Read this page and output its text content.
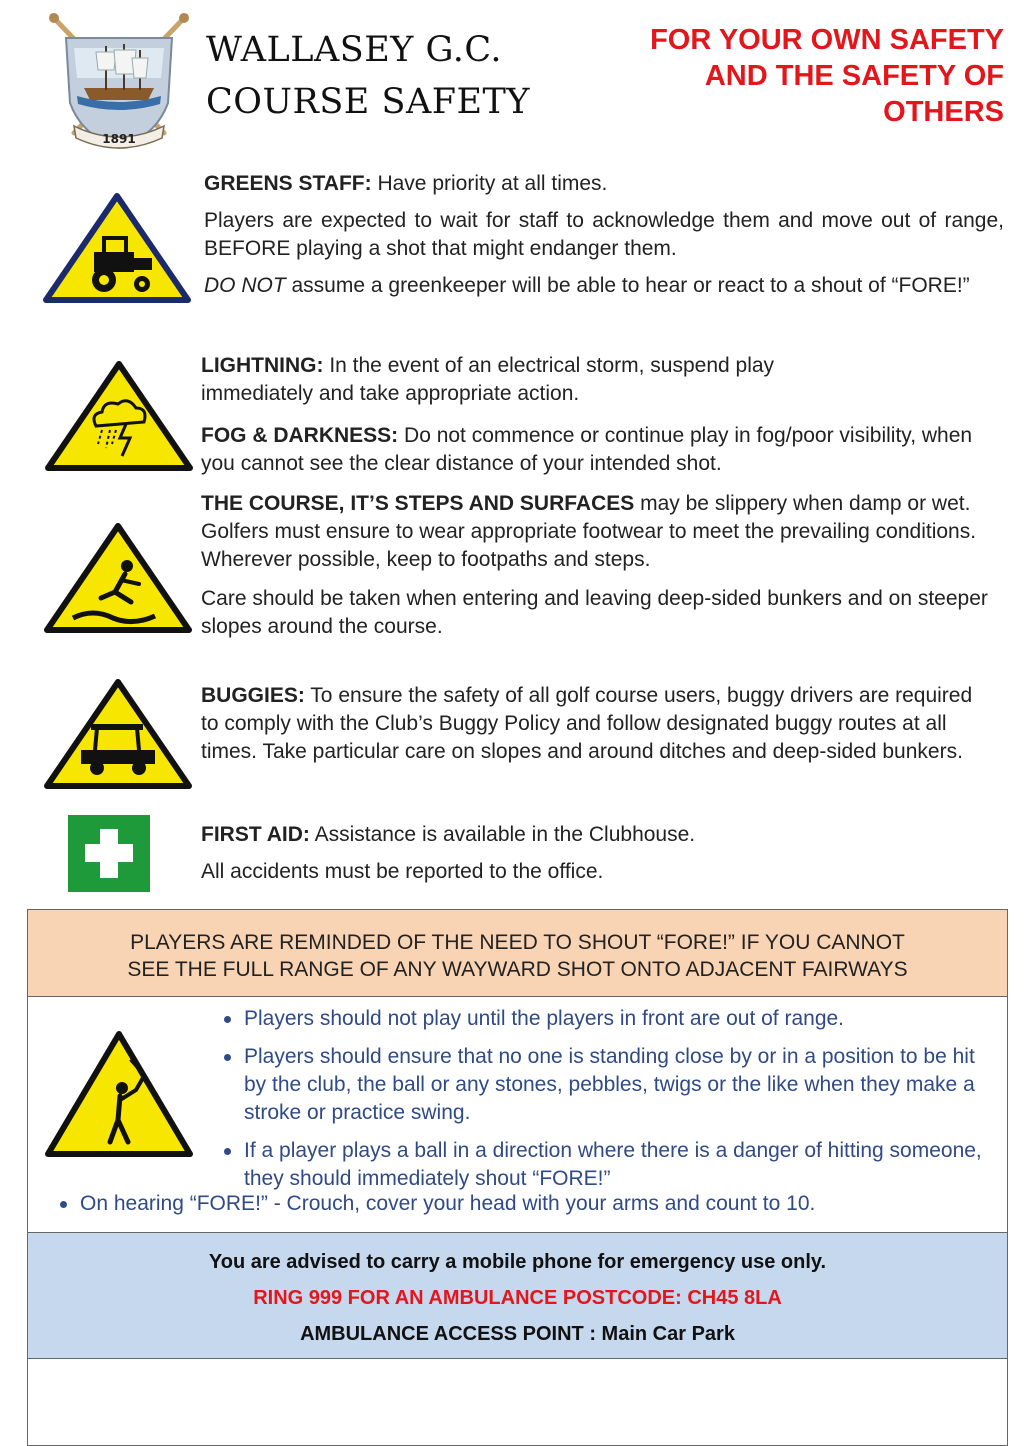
1891
WALLASEY G.C.
COURSE SAFETY
FOR YOUR OWN SAFETY
AND THE SAFETY OF
OTHERS
GREENS STAFF: Have priority at all times.
Players are expected to wait for staff to acknowledge them and move out of range, BEFORE playing a shot that might endanger them.
DO NOT assume a greenkeeper will be able to hear or react to a shout of “FORE!”
LIGHTNING: In the event of an electrical storm, suspend play immediately and take appropriate action.
FOG & DARKNESS: Do not commence or continue play in fog/poor visibility, when you cannot see the clear distance of your intended shot.
THE COURSE, IT’S STEPS AND SURFACES may be slippery when damp or wet. Golfers must ensure to wear appropriate footwear to meet the prevailing conditions. Wherever possible, keep to footpaths and steps.
Care should be taken when entering and leaving deep-sided bunkers and on steeper slopes around the course.
BUGGIES: To ensure the safety of all golf course users, buggy drivers are required to comply with the Club’s Buggy Policy and follow designated buggy routes at all times. Take particular care on slopes and around ditches and deep-sided bunkers.
FIRST AID: Assistance is available in the Clubhouse.
All accidents must be reported to the office.
PLAYERS ARE REMINDED OF THE NEED TO SHOUT “FORE!” IF YOU CANNOT
SEE THE FULL RANGE OF ANY WAYWARD SHOT ONTO ADJACENT FAIRWAYS
Players should not play until the players in front are out of range.
Players should ensure that no one is standing close by or in a position to be hit by the club, the ball or any stones, pebbles, twigs or the like when they make a stroke or practice swing.
If a player plays a ball in a direction where there is a danger of hitting someone, they should immediately shout “FORE!”
On hearing “FORE!” - Crouch, cover your head with your arms and count to 10.
You are advised to carry a mobile phone for emergency use only.
RING 999 FOR AN AMBULANCE POSTCODE: CH45 8LA
AMBULANCE ACCESS POINT : Main Car Park
